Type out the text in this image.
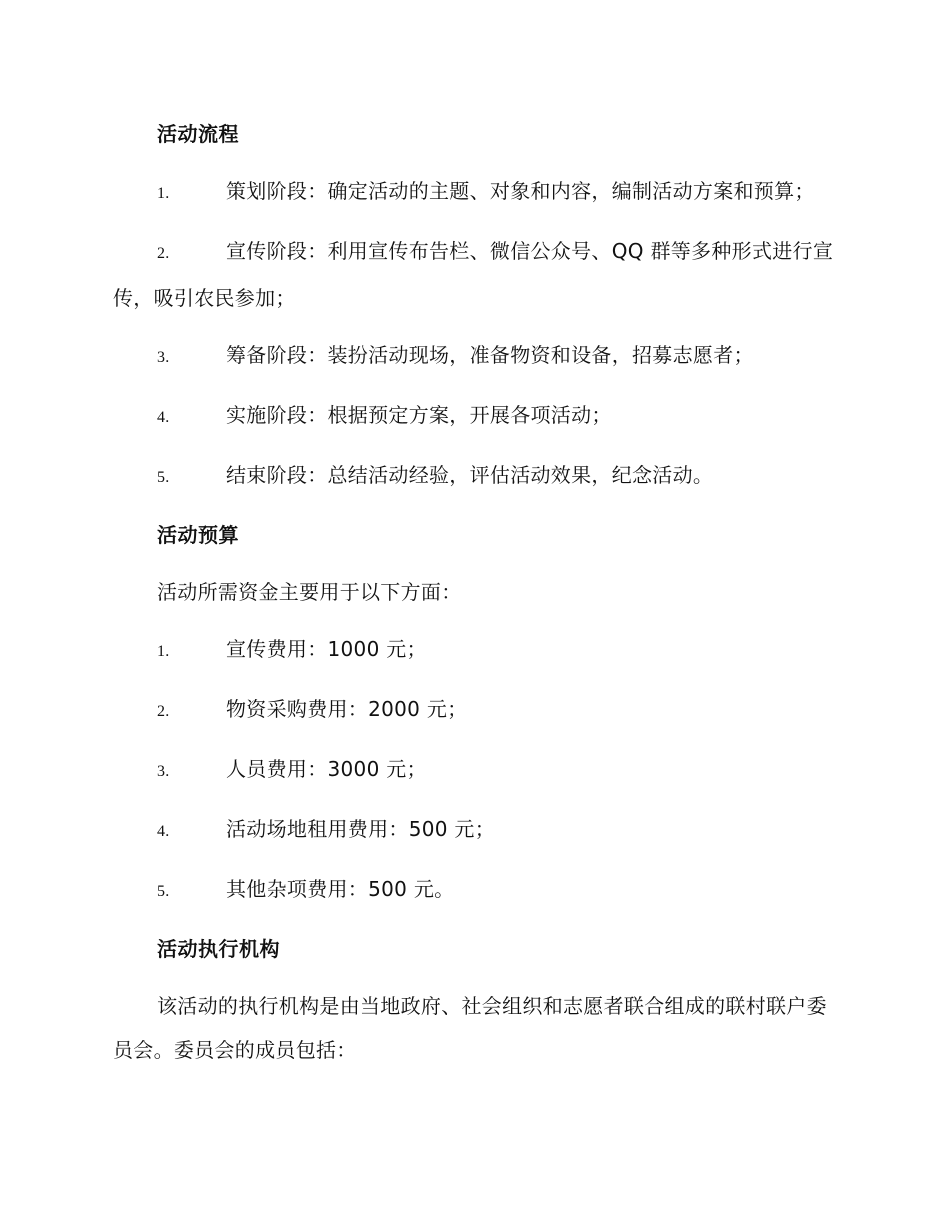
活动流程
1.	策划阶段：确定活动的主题、对象和内容，编制活动方案和预算；
2.	宣传阶段：利用宣传布告栏、微信公众号、QQ 群等多种形式进行宣传，吸引农民参加；
3.	筹备阶段：装扮活动现场，准备物资和设备，招募志愿者；
4.	实施阶段：根据预定方案，开展各项活动；
5.	结束阶段：总结活动经验，评估活动效果，纪念活动。
活动预算
活动所需资金主要用于以下方面：
1.	宣传费用：1000 元；
2.	物资采购费用：2000 元；
3.	人员费用：3000 元；
4.	活动场地租用费用：500 元；
5.	其他杂项费用：500 元。
活动执行机构
该活动的执行机构是由当地政府、社会组织和志愿者联合组成的联村联户委员会。委员会的成员包括：
